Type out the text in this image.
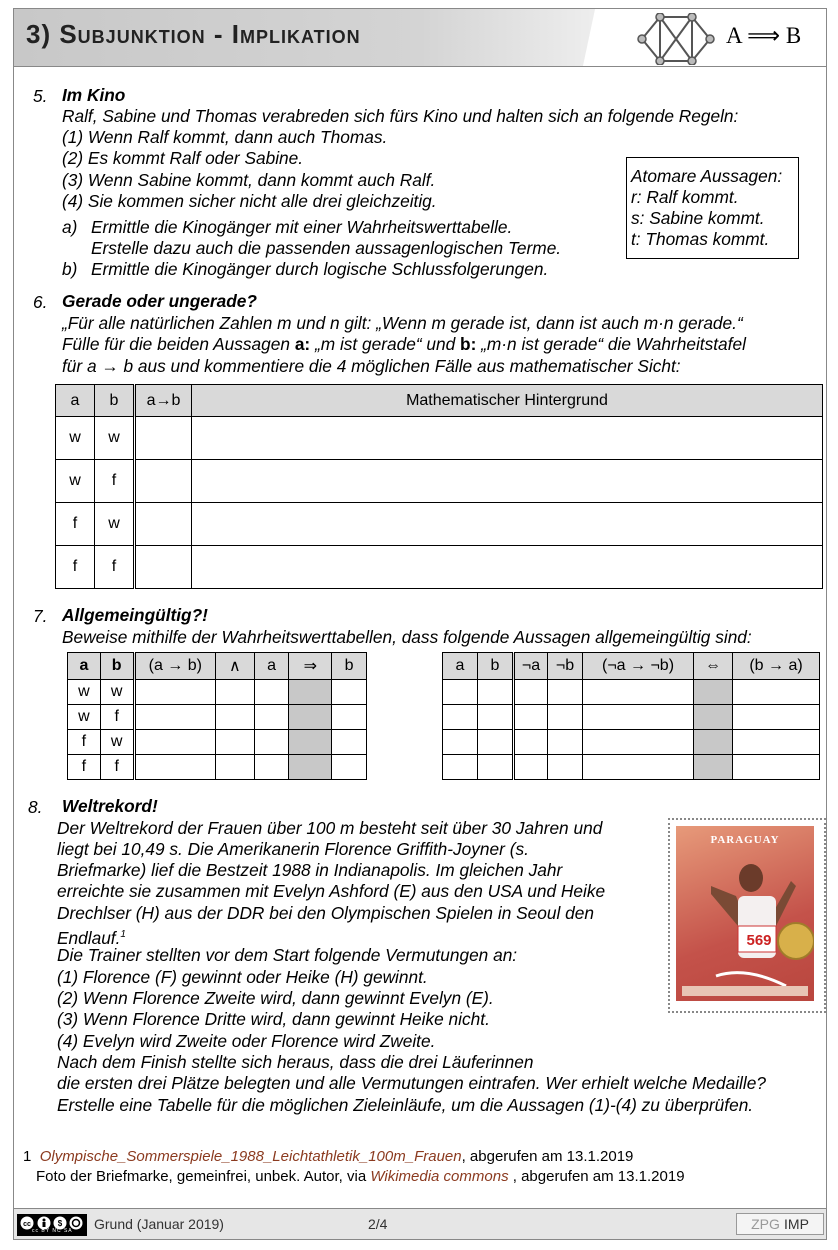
3) Subjunktion - Implikation	A ⟹ B
5. Im Kino
Ralf, Sabine und Thomas verabreden sich fürs Kino und halten sich an folgende Regeln:
(1) Wenn Ralf kommt, dann auch Thomas.
(2) Es kommt Ralf oder Sabine.
(3) Wenn Sabine kommt, dann kommt auch Ralf.
(4) Sie kommen sicher nicht alle drei gleichzeitig.
a) Ermittle die Kinogänger mit einer Wahrheitswerttabelle.
Erstelle dazu auch die passenden aussagenlogischen Terme.
b) Ermittle die Kinogänger durch logische Schlussfolgerungen.
Atomare Aussagen:
r: Ralf kommt.
s: Sabine kommt.
t: Thomas kommt.
6. Gerade oder ungerade?
„Für alle natürlichen Zahlen m und n gilt: „Wenn m gerade ist, dann ist auch m·n gerade.“
Fülle für die beiden Aussagen a: „m ist gerade“ und b: „m·n ist gerade“ die Wahrheitstafel
für a → b aus und kommentiere die 4 möglichen Fälle aus mathematischer Sicht:
a	b	a→b	Mathematischer Hintergrund
w	w		
w	f		
f	w		
f	f		
7. Allgemeingültig?!
Beweise mithilfe der Wahrheitswerttabellen, dass folgende Aussagen allgemeingültig sind:
a	b	(a → b)	∧	a	⇒	b
w	w					
w	f					
f	w					
f	f					
a	b	¬a	¬b	(¬a → ¬b)	⇔	(b → a)

8. Weltrekord!
Der Weltrekord der Frauen über 100 m besteht seit über 30 Jahren und
liegt bei 10,49 s. Die Amerikanerin Florence Griffith-Joyner (s.
Briefmarke) lief die Bestzeit 1988 in Indianapolis. Im gleichen Jahr
erreichte sie zusammen mit Evelyn Ashford (E) aus den USA und Heike
Drechlser (H) aus der DDR bei den Olympischen Spielen in Seoul den
Endlauf.$^1$
Die Trainer stellten vor dem Start folgende Vermutungen an:
(1) Florence (F) gewinnt oder Heike (H) gewinnt.
(2) Wenn Florence Zweite wird, dann gewinnt Evelyn (E).
(3) Wenn Florence Dritte wird, dann gewinnt Heike nicht.
(4) Evelyn wird Zweite oder Florence wird Zweite.
Nach dem Finish stellte sich heraus, dass die drei Läuferinnen
die ersten drei Plätze belegten und alle Vermutungen eintrafen. Wer erhielt welche Medaille?
Erstelle eine Tabelle für die möglichen Zieleinläufe, um die Aussagen (1)-(4) zu überprüfen.
PARAGUAY
569
1 Olympische_Sommerspiele_1988_Leichtathletik_100m_Frauen, abgerufen am 13.1.2019
Foto der Briefmarke, gemeinfrei, unbek. Autor, via Wikimedia commons , abgerufen am 13.1.2019
cc	$
cc BY NC SA Grund (Januar 2019)	2/4	ZPG IMP
